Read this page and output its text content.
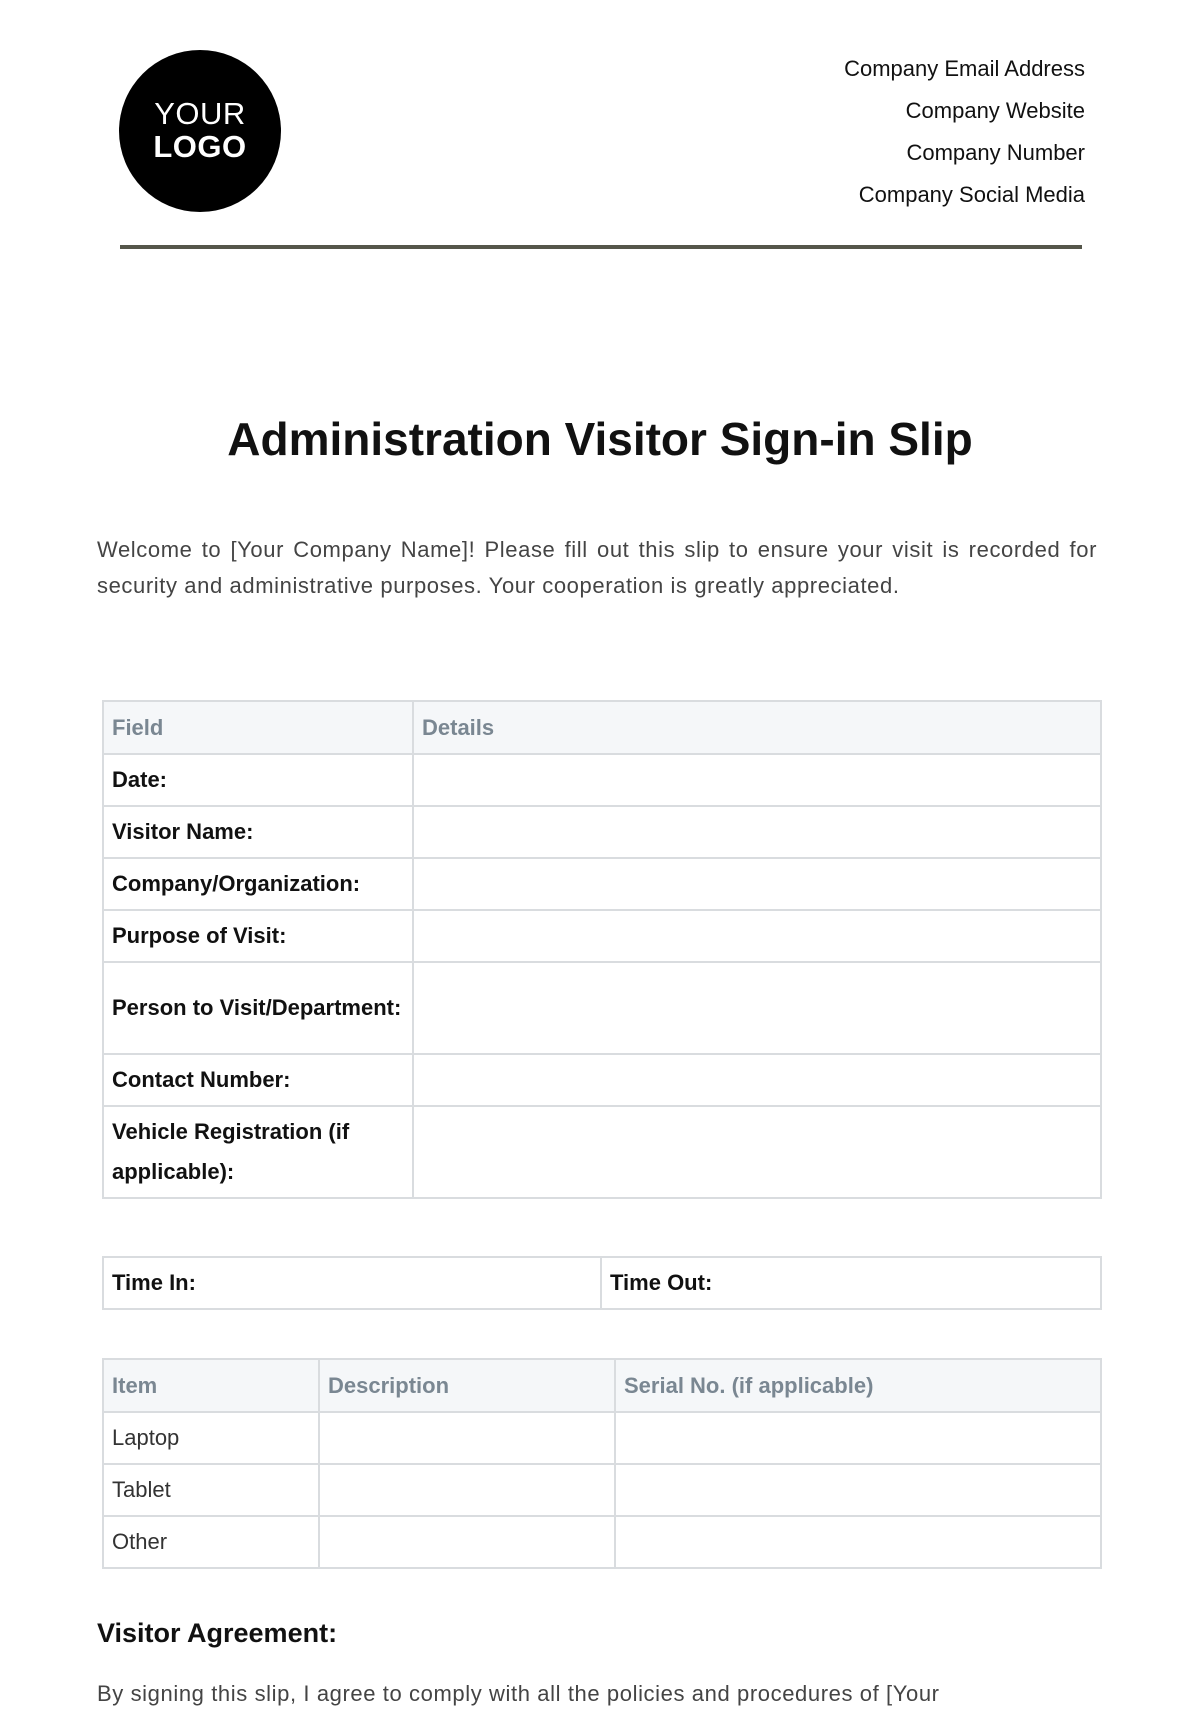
YOUR
LOGO
Company Email Address
Company Website
Company Number
Company Social Media
Administration Visitor Sign-in Slip

Welcome to [Your Company Name]! Please fill out this slip to ensure your visit is recorded for security and administrative purposes. Your cooperation is greatly appreciated.

Field	Details
Date:	
Visitor Name:	
Company/Organization:	
Purpose of Visit:	
Person to Visit/Department:	
Contact Number:	
Vehicle Registration (if applicable):	
Time In:	Time Out:
Item	Description	Serial No. (if applicable)
Laptop		
Tablet		
Other		
Visitor Agreement:

By signing this slip, I agree to comply with all the policies and procedures of [Your
